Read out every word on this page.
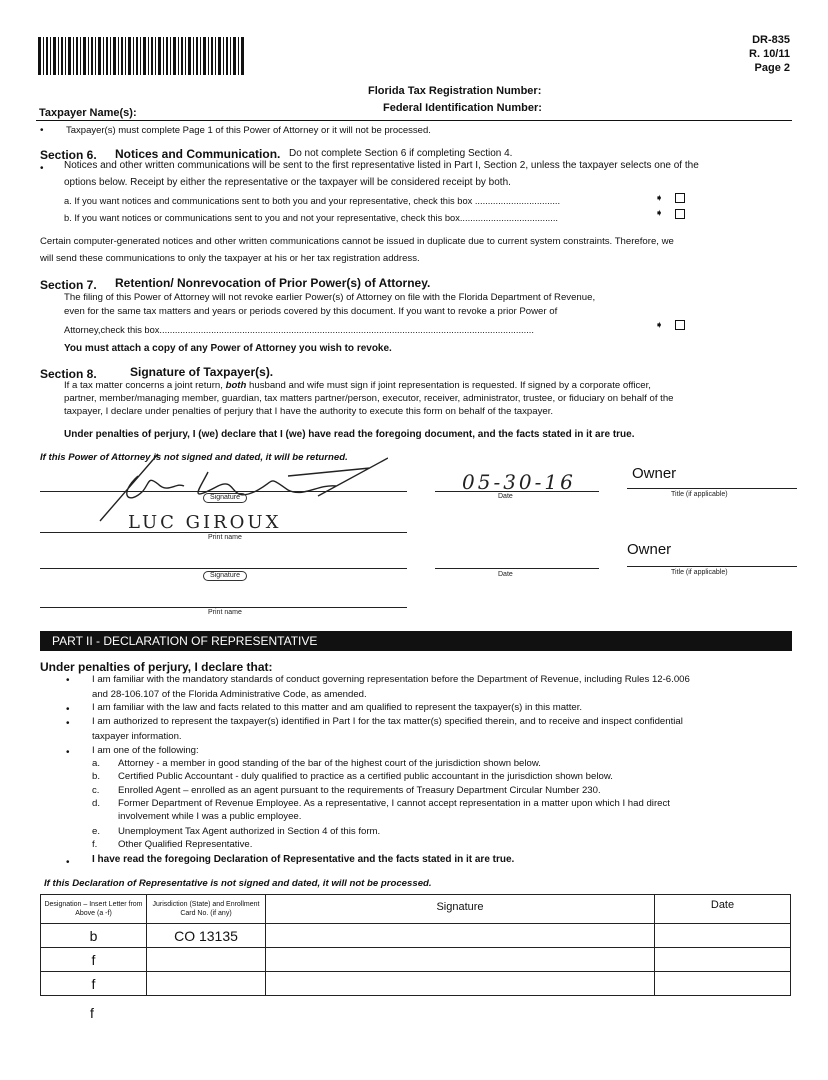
DR-835
R. 10/11
Page 2
Florida Tax Registration Number:
Federal Identification Number:
Taxpayer Name(s):
• Taxpayer(s) must complete Page 1 of this Power of Attorney or it will not be processed.
Section 6. Notices and Communication. Do not complete Section 6 if completing Section 4.
• Notices and other written communications will be sent to the first representative listed in Part I, Section 2, unless the taxpayer selects one of the
options below. Receipt by either the representative or the taxpayer will be considered receipt by both.
a. If you want notices and communications sent to both you and your representative, check this box .................................	➧
b. If you want notices or communications sent to you and not your representative, check this box......................................	➧
Certain computer-generated notices and other written communications cannot be issued in duplicate due to current system constraints. Therefore, we
will send these communications to only the taxpayer at his or her tax registration address.
Section 7. Retention/ Nonrevocation of Prior Power(s) of Attorney.
The filing of this Power of Attorney will not revoke earlier Power(s) of Attorney on file with the Florida Department of Revenue,
even for the same tax matters and years or periods covered by this document. If you want to revoke a prior Power of
Attorney,check this box.................................................................................................................................................	➧
You must attach a copy of any Power of Attorney you wish to revoke.
Section 8.	Signature of Taxpayer(s).
If a tax matter concerns a joint return, both husband and wife must sign if joint representation is requested. If signed by a corporate officer,
partner, member/managing member, guardian, tax matters partner/person, executor, receiver, administrator, trustee, or fiduciary on behalf of the
taxpayer, I declare under penalties of perjury that I have the authority to execute this form on behalf of the taxpayer.
Under penalties of perjury, I (we) declare that I (we) have read the foregoing document, and the facts stated in it are true.
If this Power of Attorney is not signed and dated, it will be returned.
Signature
05-30-16
Date
Owner
Title (if applicable)
LUC GIROUX
Print name
Owner
Signature	Date	Title (if applicable)
Print name
PART II - DECLARATION OF REPRESENTATIVE
Under penalties of perjury, I declare that:
• I am familiar with the mandatory standards of conduct governing representation before the Department of Revenue, including Rules 12-6.006
and 28-106.107 of the Florida Administrative Code, as amended.
• I am familiar with the law and facts related to this matter and am qualified to represent the taxpayer(s) in this matter.
• I am authorized to represent the taxpayer(s) identified in Part I for the tax matter(s) specified therein, and to receive and inspect confidential
taxpayer information.
• I am one of the following:
a. Attorney - a member in good standing of the bar of the highest court of the jurisdiction shown below.
b. Certified Public Accountant - duly qualified to practice as a certified public accountant in the jurisdiction shown below.
c. Enrolled Agent – enrolled as an agent pursuant to the requirements of Treasury Department Circular Number 230.
d. Former Department of Revenue Employee. As a representative, I cannot accept representation in a matter upon which I had direct
involvement while I was a public employee.
e. Unemployment Tax Agent authorized in Section 4 of this form.
f. Other Qualified Representative.
• I have read the foregoing Declaration of Representative and the facts stated in it are true.
If this Declaration of Representative is not signed and dated, it will not be processed.
Designation – Insert Letter from Above (a -f)	Jurisdiction (State) and Enrollment Card No. (if any)	Signature	Date
b	CO 13135		
f			
f			
f
